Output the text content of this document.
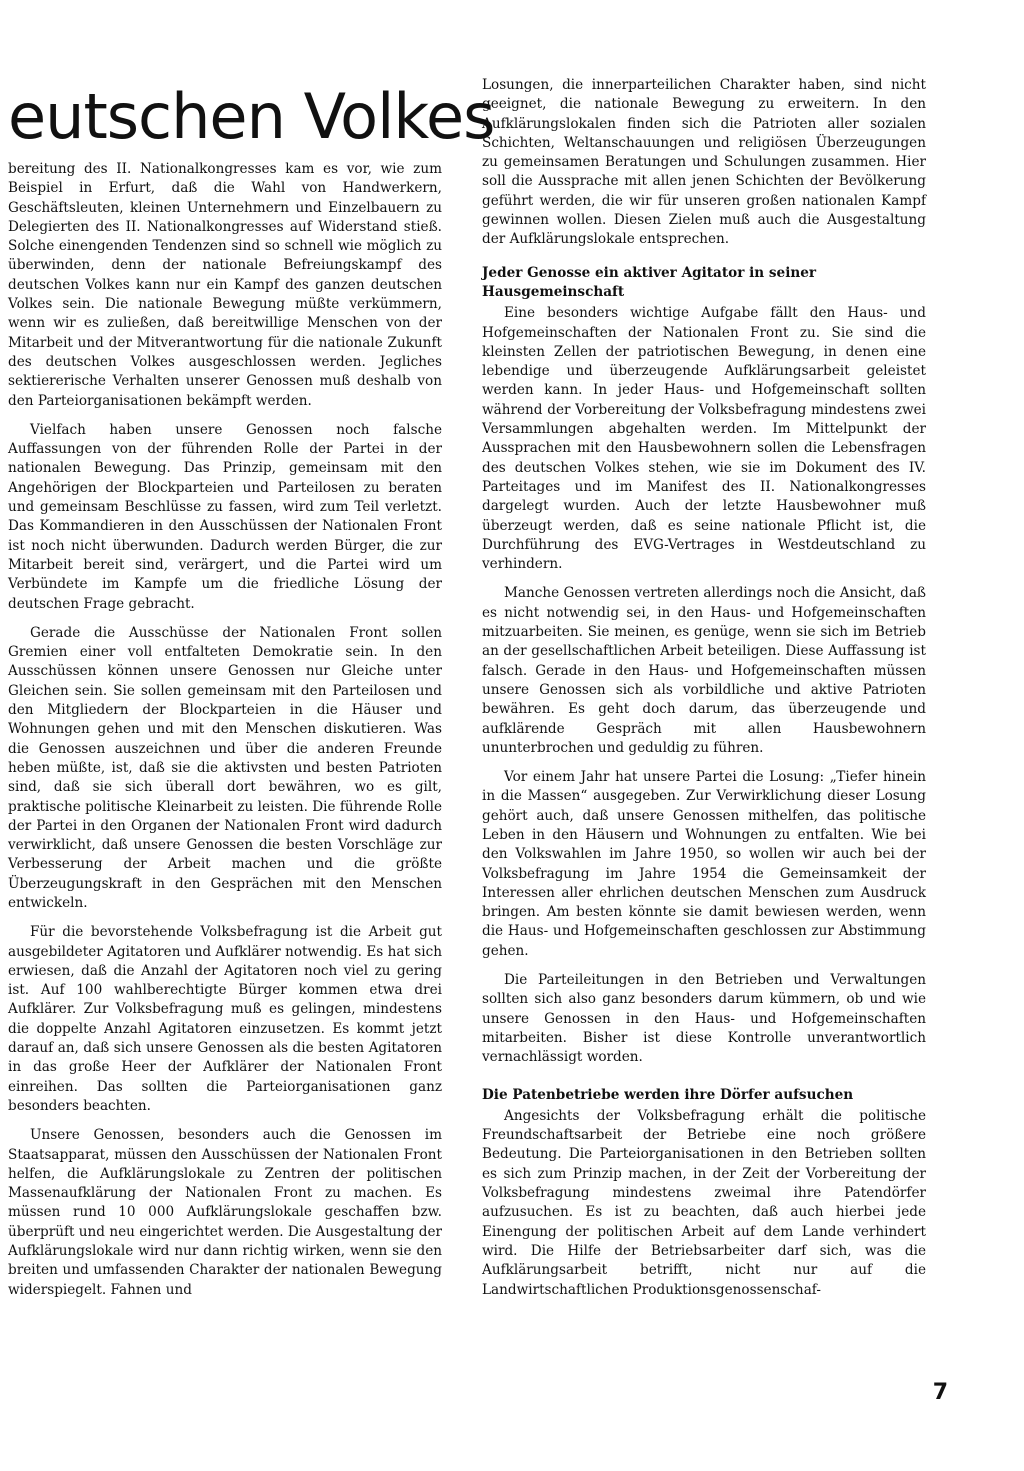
eutschen Volkes

bereitung des II. Nationalkongresses kam es vor, wie zum Beispiel in Erfurt, daß die Wahl von Handwerkern, Geschäftsleuten, kleinen Unternehmern und Einzelbauern zu Delegierten des II. Nationalkongresses auf Widerstand stieß. Solche einengenden Tendenzen sind so schnell wie möglich zu überwinden, denn der nationale Befreiungskampf des deutschen Volkes kann nur ein Kampf des ganzen deutschen Volkes sein. Die nationale Bewegung müßte verkümmern, wenn wir es zuließen, daß bereitwillige Menschen von der Mitarbeit und der Mitverantwortung für die nationale Zukunft des deutschen Volkes ausgeschlossen werden. Jegliches sektiererische Verhalten unserer Genossen muß deshalb von den Parteiorganisationen bekämpft werden.

Vielfach haben unsere Genossen noch falsche Auffassungen von der führenden Rolle der Partei in der nationalen Bewegung. Das Prinzip, gemeinsam mit den Angehörigen der Blockparteien und Parteilosen zu beraten und gemeinsam Beschlüsse zu fassen, wird zum Teil verletzt. Das Kommandieren in den Ausschüssen der Nationalen Front ist noch nicht überwunden. Dadurch werden Bürger, die zur Mitarbeit bereit sind, verärgert, und die Partei wird um Verbündete im Kampfe um die friedliche Lösung der deutschen Frage gebracht.

Gerade die Ausschüsse der Nationalen Front sollen Gremien einer voll entfalteten Demokratie sein. In den Ausschüssen können unsere Genossen nur Gleiche unter Gleichen sein. Sie sollen gemeinsam mit den Parteilosen und den Mitgliedern der Blockparteien in die Häuser und Wohnungen gehen und mit den Menschen diskutieren. Was die Genossen auszeichnen und über die anderen Freunde heben müßte, ist, daß sie die aktivsten und besten Patrioten sind, daß sie sich überall dort bewähren, wo es gilt, praktische politische Kleinarbeit zu leisten. Die führende Rolle der Partei in den Organen der Nationalen Front wird dadurch verwirklicht, daß unsere Genossen die besten Vorschläge zur Verbesserung der Arbeit machen und die größte Überzeugungskraft in den Gesprächen mit den Menschen entwickeln.

Für die bevorstehende Volksbefragung ist die Arbeit gut ausgebildeter Agitatoren und Aufklärer notwendig. Es hat sich erwiesen, daß die Anzahl der Agitatoren noch viel zu gering ist. Auf 100 wahlberechtigte Bürger kommen etwa drei Aufklärer. Zur Volksbefragung muß es gelingen, mindestens die doppelte Anzahl Agitatoren einzusetzen. Es kommt jetzt darauf an, daß sich unsere Genossen als die besten Agitatoren in das große Heer der Aufklärer der Nationalen Front einreihen. Das sollten die Parteiorganisationen ganz besonders beachten.

Unsere Genossen, besonders auch die Genossen im Staatsapparat, müssen den Ausschüssen der Nationalen Front helfen, die Aufklärungslokale zu Zentren der politischen Massenaufklärung der Nationalen Front zu machen. Es müssen rund 10 000 Aufklärungslokale geschaffen bzw. überprüft und neu eingerichtet werden. Die Ausgestaltung der Aufklärungslokale wird nur dann richtig wirken, wenn sie den breiten und umfassenden Charakter der nationalen Bewegung widerspiegelt. Fahnen und

Losungen, die innerparteilichen Charakter haben, sind nicht geeignet, die nationale Bewegung zu erweitern. In den Aufklärungslokalen finden sich die Patrioten aller sozialen Schichten, Weltanschauungen und religiösen Überzeugungen zu gemeinsamen Beratungen und Schulungen zusammen. Hier soll die Aussprache mit allen jenen Schichten der Bevölkerung geführt werden, die wir für unseren großen nationalen Kampf gewinnen wollen. Diesen Zielen muß auch die Ausgestaltung der Aufklärungslokale entsprechen.

Jeder Genosse ein aktiver Agitator in seiner Hausgemeinschaft

Eine besonders wichtige Aufgabe fällt den Haus- und Hofgemeinschaften der Nationalen Front zu. Sie sind die kleinsten Zellen der patriotischen Bewegung, in denen eine lebendige und überzeugende Aufklärungsarbeit geleistet werden kann. In jeder Haus- und Hofgemeinschaft sollten während der Vorbereitung der Volksbefragung mindestens zwei Versammlungen abgehalten werden. Im Mittelpunkt der Aussprachen mit den Hausbewohnern sollen die Lebensfragen des deutschen Volkes stehen, wie sie im Dokument des IV. Parteitages und im Manifest des II. Nationalkongresses dargelegt wurden. Auch der letzte Hausbewohner muß überzeugt werden, daß es seine nationale Pflicht ist, die Durchführung des EVG-Vertrages in Westdeutschland zu verhindern.

Manche Genossen vertreten allerdings noch die Ansicht, daß es nicht notwendig sei, in den Haus- und Hofgemeinschaften mitzuarbeiten. Sie meinen, es genüge, wenn sie sich im Betrieb an der gesellschaftlichen Arbeit beteiligen. Diese Auffassung ist falsch. Gerade in den Haus- und Hofgemeinschaften müssen unsere Genossen sich als vorbildliche und aktive Patrioten bewähren. Es geht doch darum, das überzeugende und aufklärende Gespräch mit allen Hausbewohnern ununterbrochen und geduldig zu führen.

Vor einem Jahr hat unsere Partei die Losung: „Tiefer hinein in die Massen“ ausgegeben. Zur Verwirklichung dieser Losung gehört auch, daß unsere Genossen mithelfen, das politische Leben in den Häusern und Wohnungen zu entfalten. Wie bei den Volkswahlen im Jahre 1950, so wollen wir auch bei der Volksbefragung im Jahre 1954 die Gemeinsamkeit der Interessen aller ehrlichen deutschen Menschen zum Ausdruck bringen. Am besten könnte sie damit bewiesen werden, wenn die Haus- und Hofgemeinschaften geschlossen zur Abstimmung gehen.

Die Parteileitungen in den Betrieben und Verwaltungen sollten sich also ganz besonders darum kümmern, ob und wie unsere Genossen in den Haus- und Hofgemeinschaften mitarbeiten. Bisher ist diese Kontrolle unverantwortlich vernachlässigt worden.

Die Patenbetriebe werden ihre Dörfer aufsuchen

Angesichts der Volksbefragung erhält die politische Freundschaftsarbeit der Betriebe eine noch größere Bedeutung. Die Parteiorganisationen in den Betrieben sollten es sich zum Prinzip machen, in der Zeit der Vorbereitung der Volksbefragung mindestens zweimal ihre Patendörfer aufzusuchen. Es ist zu beachten, daß auch hierbei jede Einengung der politischen Arbeit auf dem Lande verhindert wird. Die Hilfe der Betriebsarbeiter darf sich, was die Aufklärungsarbeit betrifft, nicht nur auf die Landwirtschaftlichen Produktionsgenossenschaf-

7
